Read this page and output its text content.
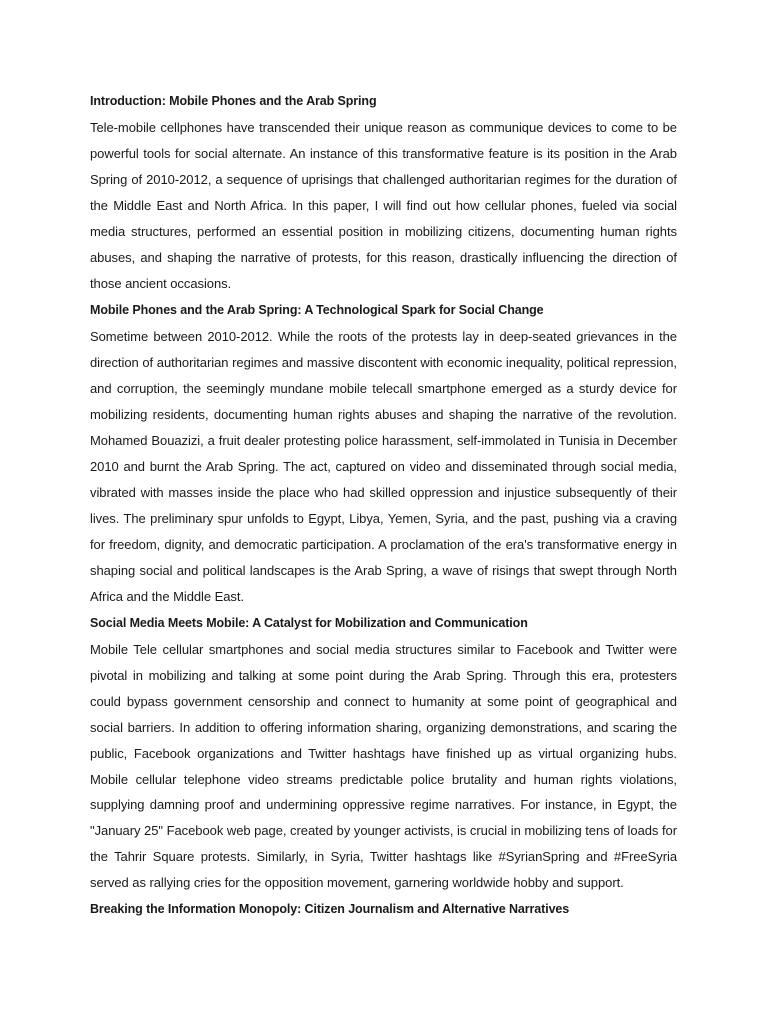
Introduction: Mobile Phones and the Arab Spring
Tele-mobile cellphones have transcended their unique reason as communique devices to come to be powerful tools for social alternate. An instance of this transformative feature is its position in the Arab Spring of 2010-2012, a sequence of uprisings that challenged authoritarian regimes for the duration of the Middle East and North Africa. In this paper, I will find out how cellular phones, fueled via social media structures, performed an essential position in mobilizing citizens, documenting human rights abuses, and shaping the narrative of protests, for this reason, drastically influencing the direction of those ancient occasions.
Mobile Phones and the Arab Spring: A Technological Spark for Social Change
Sometime between 2010-2012. While the roots of the protests lay in deep-seated grievances in the direction of authoritarian regimes and massive discontent with economic inequality, political repression, and corruption, the seemingly mundane mobile telecall smartphone emerged as a sturdy device for mobilizing residents, documenting human rights abuses and shaping the narrative of the revolution. Mohamed Bouazizi, a fruit dealer protesting police harassment, self-immolated in Tunisia in December 2010 and burnt the Arab Spring. The act, captured on video and disseminated through social media, vibrated with masses inside the place who had skilled oppression and injustice subsequently of their lives. The preliminary spur unfolds to Egypt, Libya, Yemen, Syria, and the past, pushing via a craving for freedom, dignity, and democratic participation. A proclamation of the era's transformative energy in shaping social and political landscapes is the Arab Spring, a wave of risings that swept through North Africa and the Middle East.
Social Media Meets Mobile: A Catalyst for Mobilization and Communication
Mobile Tele cellular smartphones and social media structures similar to Facebook and Twitter were pivotal in mobilizing and talking at some point during the Arab Spring. Through this era, protesters could bypass government censorship and connect to humanity at some point of geographical and social barriers. In addition to offering information sharing, organizing demonstrations, and scaring the public, Facebook organizations and Twitter hashtags have finished up as virtual organizing hubs. Mobile cellular telephone video streams predictable police brutality and human rights violations, supplying damning proof and undermining oppressive regime narratives. For instance, in Egypt, the "January 25" Facebook web page, created by younger activists, is crucial in mobilizing tens of loads for the Tahrir Square protests. Similarly, in Syria, Twitter hashtags like #SyrianSpring and #FreeSyria served as rallying cries for the opposition movement, garnering worldwide hobby and support.
Breaking the Information Monopoly: Citizen Journalism and Alternative Narratives
